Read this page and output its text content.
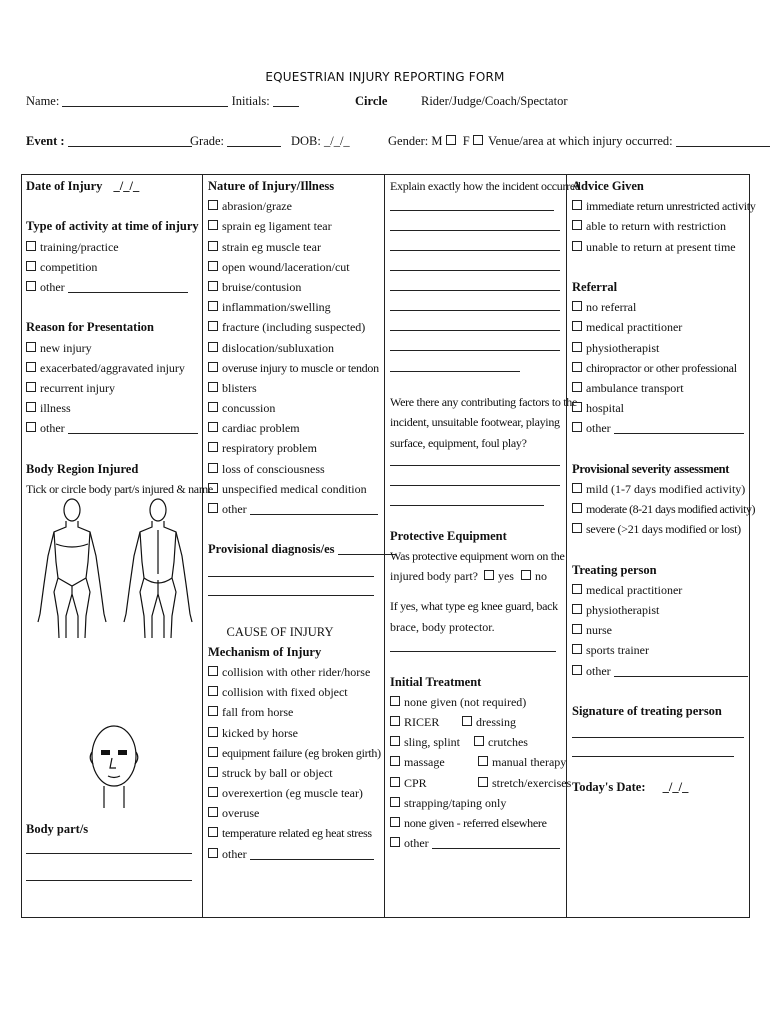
EQUESTRIAN INJURY REPORTING FORM
Name:	Initials:	Circle	Rider/Judge/Coach/Spectator
Event :	Grade:	DOB: _/_/_	Gender: M F	Venue/area at which injury occurred:
Date of Injury _/_/_
Type of activity at time of injury
training/practice
competition
other
Reason for Presentation
new injury
exacerbated/aggravated injury
recurrent injury
illness
other
Body Region Injured
Tick or circle body part/s injured & name
Body part/s
Nature of Injury/Illness
abrasion/graze
sprain eg ligament tear
strain eg muscle tear
open wound/laceration/cut
bruise/contusion
inflammation/swelling
fracture (including suspected)
dislocation/subluxation
overuse injury to muscle or tendon
blisters
concussion
cardiac problem
respiratory problem
loss of consciousness
unspecified medical condition
other
Provisional diagnosis/es
CAUSE OF INJURY
Mechanism of Injury
collision with other rider/horse
collision with fixed object
fall from horse
kicked by horse
equipment failure (eg broken girth)
struck by ball or object
overexertion (eg muscle tear)
overuse
temperature related eg heat stress
other
Explain exactly how the incident occurred
Were there any contributing factors to the
incident, unsuitable footwear, playing
surface, equipment, foul play?
Protective Equipment
Was protective equipment worn on the
injured body part? yes no
If yes, what type eg knee guard, back
brace, body protector.
Initial Treatment
none given (not required)
RICER	dressing
sling, splint crutches
massage	manual therapy
CPR	stretch/exercises
strapping/taping only
none given - referred elsewhere
other
Advice Given
immediate return unrestricted activity
able to return with restriction
unable to return at present time
Referral
no referral
medical practitioner
physiotherapist
chiropractor or other professional
ambulance transport
hospital
other
Provisional severity assessment
mild (1-7 days modified activity)
moderate (8-21 days modified activity)
severe (>21 days modified or lost)
Treating person
medical practitioner
physiotherapist
nurse
sports trainer
other
Signature of treating person
Today's Date: _/_/_
